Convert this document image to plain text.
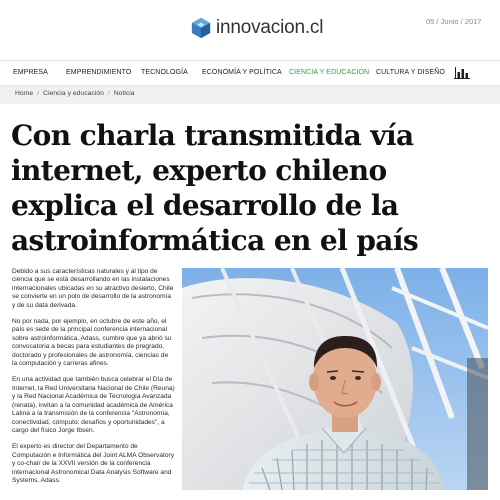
innovacion.cl	05 / Junio / 2017
EMPRESA	EMPRENDIMIENTO TECNOLOGÍA ECONOMÍA Y POLÍTICA CIENCIA Y EDUCACIÓN CULTURA Y DISEÑO
Home / Ciencia y educación / Noticia
Con charla transmitida vía internet, experto chileno explica el desarrollo de la astroinformática en el país

Debido a sus características naturales y al tipo de ciencia que se está desarrollando en las instalaciones internacionales ubicadas en su atractivo desierto, Chile se convierte en un polo de desarrollo de la astronomía y de su data derivada.

No por nada, por ejemplo, en octubre de este año, el país es sede de la principal conferencia internacional sobre astroinformática, Adass, cumbre que ya abrió su convocatoria a becas para estudiantes de pregrado, doctorado y profesionales de astronomía, ciencias de la computación y carreras afines.

En una actividad que también busca celebrar el Día de Internet, la Red Universitaria Nacional de Chile (Reuna) y la Red Nacional Académica de Tecnología Avanzada (renata), invitan a la comunidad académica de América Latina a la transmisión de la conferencia "Astronomía, conectividad, cómputo: desafíos y oportunidades", a cargo del físico Jorge Ibsen.

El experto es director del Departamento de Computación e Informática del Joint ALMA Observatory y co-chair de la XXVII versión de la conferencia internacional Astronomical Data Analysis Software and Systems, Adass.
